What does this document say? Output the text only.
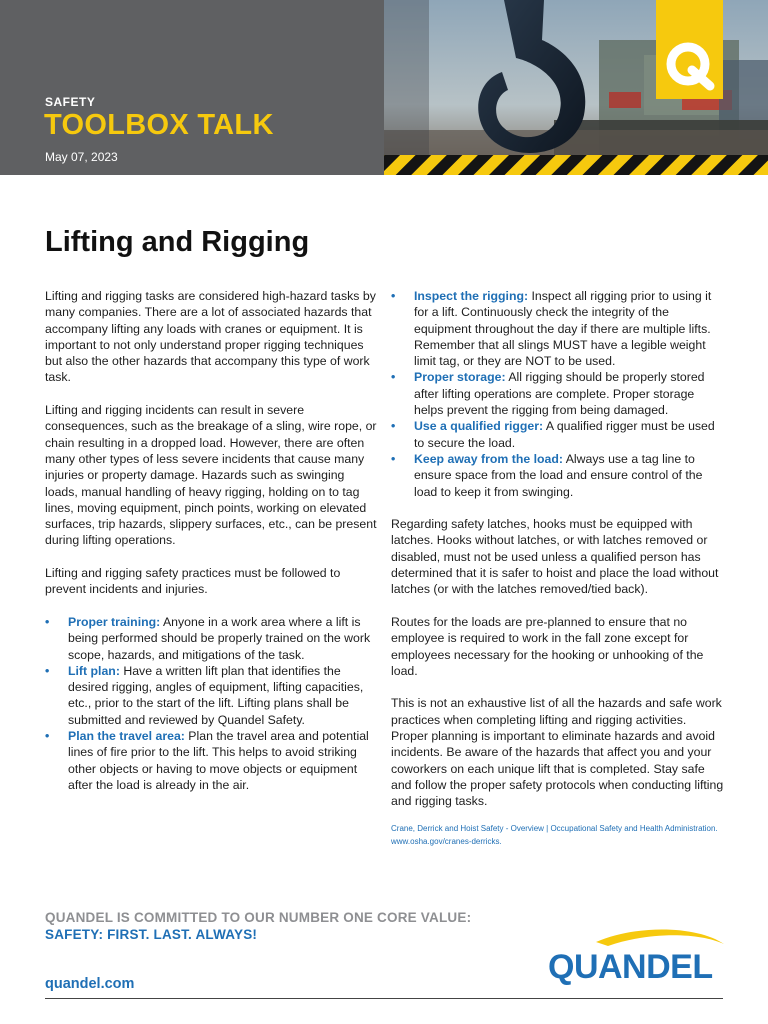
SAFETY
TOOLBOX TALK
May 07, 2023
Lifting and Rigging

Lifting and rigging tasks are considered high-hazard tasks by many companies. There are a lot of associated hazards that accompany lifting any loads with cranes or equipment. It is important to not only understand proper rigging techniques but also the other hazards that accompany this type of work task.

Lifting and rigging incidents can result in severe consequences, such as the breakage of a sling, wire rope, or chain resulting in a dropped load. However, there are often many other types of less severe incidents that cause many injuries or property damage. Hazards such as swinging loads, manual handling of heavy rigging, holding on to tag lines, moving equipment, pinch points, working on elevated surfaces, trip hazards, slippery surfaces, etc., can be present during lifting operations.

Lifting and rigging safety practices must be followed to prevent incidents and injuries.

• Proper training: Anyone in a work area where a lift is being performed should be properly trained on the work scope, hazards, and mitigations of the task.
• Lift plan: Have a written lift plan that identifies the desired rigging, angles of equipment, lifting capacities, etc., prior to the start of the lift. Lifting plans shall be submitted and reviewed by Quandel Safety.
• Plan the travel area: Plan the travel area and potential lines of fire prior to the lift. This helps to avoid striking other objects or having to move objects or equipment after the load is already in the air.
• Inspect the rigging: Inspect all rigging prior to using it for a lift. Continuously check the integrity of the equipment throughout the day if there are multiple lifts. Remember that all slings MUST have a legible weight limit tag, or they are NOT to be used.
• Proper storage: All rigging should be properly stored after lifting operations are complete. Proper storage helps prevent the rigging from being damaged.
• Use a qualified rigger: A qualified rigger must be used to secure the load.
• Keep away from the load: Always use a tag line to ensure space from the load and ensure control of the load to keep it from swinging.

Regarding safety latches, hooks must be equipped with latches. Hooks without latches, or with latches removed or disabled, must not be used unless a qualified person has determined that it is safer to hoist and place the load without latches (or with the latches removed/tied back).

Routes for the loads are pre-planned to ensure that no employee is required to work in the fall zone except for employees necessary for the hooking or unhooking of the load.

This is not an exhaustive list of all the hazards and safe work practices when completing lifting and rigging activities. Proper planning is important to eliminate hazards and avoid incidents. Be aware of the hazards that affect you and your coworkers on each unique lift that is completed. Stay safe and follow the proper safety protocols when conducting lifting and rigging tasks.

Crane, Derrick and Hoist Safety - Overview | Occupational Safety and Health Administration. www.osha.gov/cranes-derricks.
QUANDEL IS COMMITTED TO OUR NUMBER ONE CORE VALUE:
SAFETY: FIRST. LAST. ALWAYS!
quandel.com	QUANDEL
